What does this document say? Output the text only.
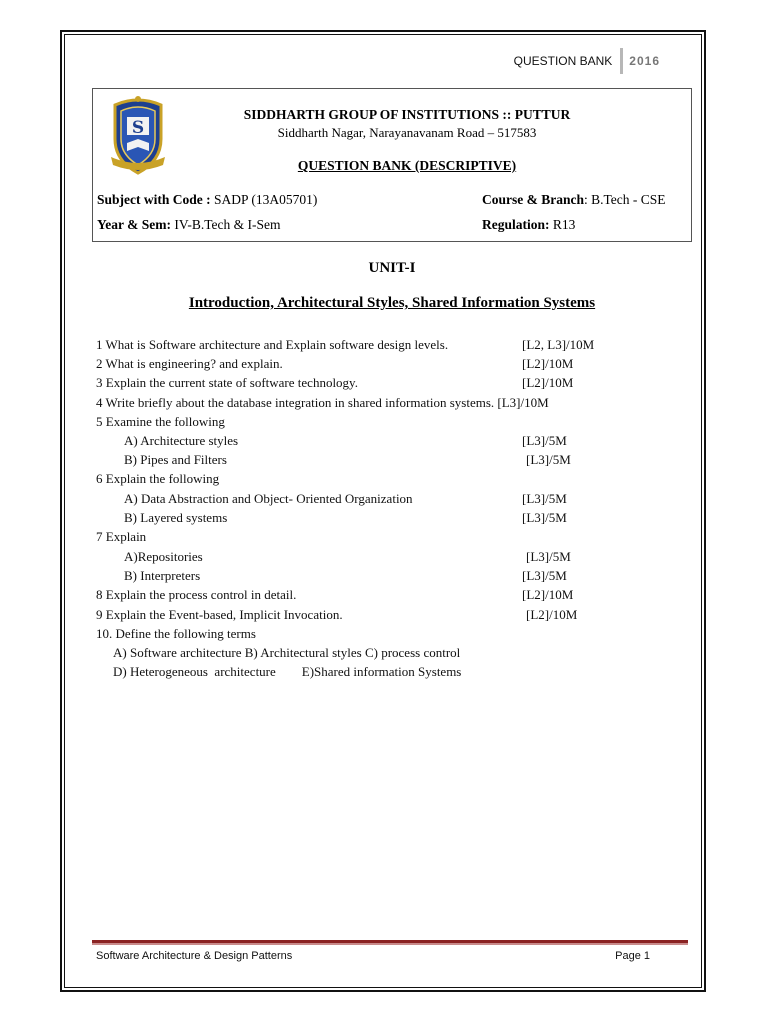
QUESTION BANK	2016
S
SIDDHARTH GROUP OF INSTITUTIONS :: PUTTUR
Siddharth Nagar, Narayanavanam Road – 517583
QUESTION BANK (DESCRIPTIVE)
Subject with Code : SADP (13A05701)	Course & Branch: B.Tech - CSE
Year & Sem: IV-B.Tech & I-Sem	Regulation: R13
UNIT-I
Introduction, Architectural Styles, Shared Information Systems
1 What is Software architecture and Explain software design levels.	[L2, L3]/10M
2 What is engineering? and explain.	[L2]/10M
3 Explain the current state of software technology.	[L2]/10M
4 Write briefly about the database integration in shared information systems. [L3]/10M
5 Examine the following
A) Architecture styles	[L3]/5M
B) Pipes and Filters	[L3]/5M
6 Explain the following
A) Data Abstraction and Object- Oriented Organization	[L3]/5M
B) Layered systems	[L3]/5M
7 Explain
A)Repositories	[L3]/5M
B) Interpreters	[L3]/5M
8 Explain the process control in detail.	[L2]/10M
9 Explain the Event-based, Implicit Invocation.	[L2]/10M
10. Define the following terms
A) Software architecture B) Architectural styles C) process control
D) Heterogeneous  architecture        E)Shared information Systems
Software Architecture & Design Patterns	Page 1
